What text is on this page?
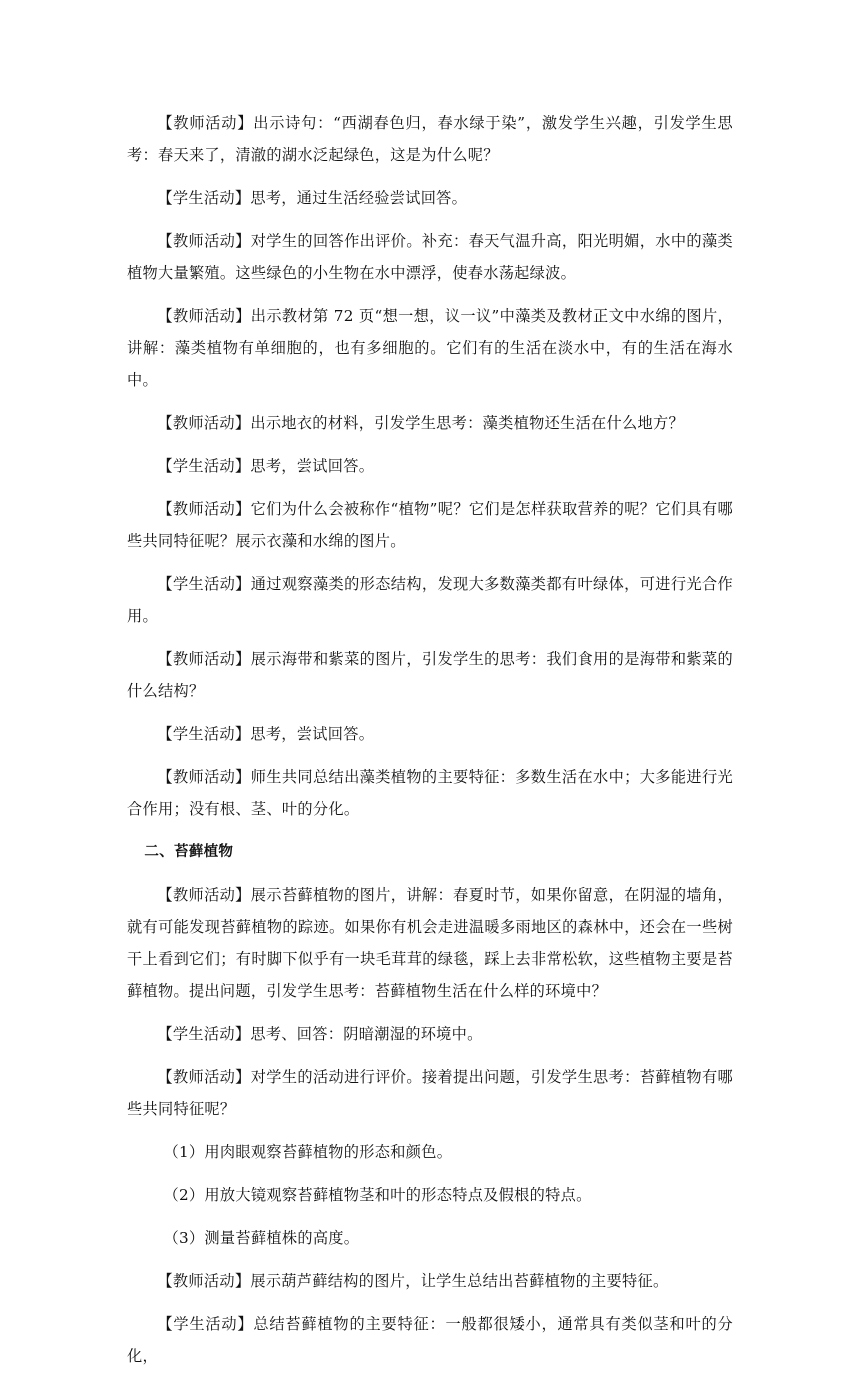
【教师活动】出示诗句：“西湖春色归，春水绿于染”，激发学生兴趣，引发学生思考：春天来了，清澈的湖水泛起绿色，这是为什么呢？

【学生活动】思考，通过生活经验尝试回答。

【教师活动】对学生的回答作出评价。补充：春天气温升高，阳光明媚，水中的藻类植物大量繁殖。这些绿色的小生物在水中漂浮，使春水荡起绿波。

【教师活动】出示教材第 72 页“想一想，议一议”中藻类及教材正文中水绵的图片，讲解：藻类植物有单细胞的，也有多细胞的。它们有的生活在淡水中，有的生活在海水中。

【教师活动】出示地衣的材料，引发学生思考：藻类植物还生活在什么地方？

【学生活动】思考，尝试回答。

【教师活动】它们为什么会被称作“植物”呢？它们是怎样获取营养的呢？它们具有哪些共同特征呢？展示衣藻和水绵的图片。

【学生活动】通过观察藻类的形态结构，发现大多数藻类都有叶绿体，可进行光合作用。

【教师活动】展示海带和紫菜的图片，引发学生的思考：我们食用的是海带和紫菜的什么结构？

【学生活动】思考，尝试回答。

【教师活动】师生共同总结出藻类植物的主要特征：多数生活在水中；大多能进行光合作用；没有根、茎、叶的分化。

二、苔藓植物

【教师活动】展示苔藓植物的图片，讲解：春夏时节，如果你留意，在阴湿的墙角，就有可能发现苔藓植物的踪迹。如果你有机会走进温暖多雨地区的森林中，还会在一些树干上看到它们；有时脚下似乎有一块毛茸茸的绿毯，踩上去非常松软，这些植物主要是苔藓植物。提出问题，引发学生思考：苔藓植物生活在什么样的环境中？

【学生活动】思考、回答：阴暗潮湿的环境中。

【教师活动】对学生的活动进行评价。接着提出问题，引发学生思考：苔藓植物有哪些共同特征呢？

（1）用肉眼观察苔藓植物的形态和颜色。

（2）用放大镜观察苔藓植物茎和叶的形态特点及假根的特点。

（3）测量苔藓植株的高度。

【教师活动】展示葫芦藓结构的图片，让学生总结出苔藓植物的主要特征。

【学生活动】总结苔藓植物的主要特征：一般都很矮小，通常具有类似茎和叶的分化，
